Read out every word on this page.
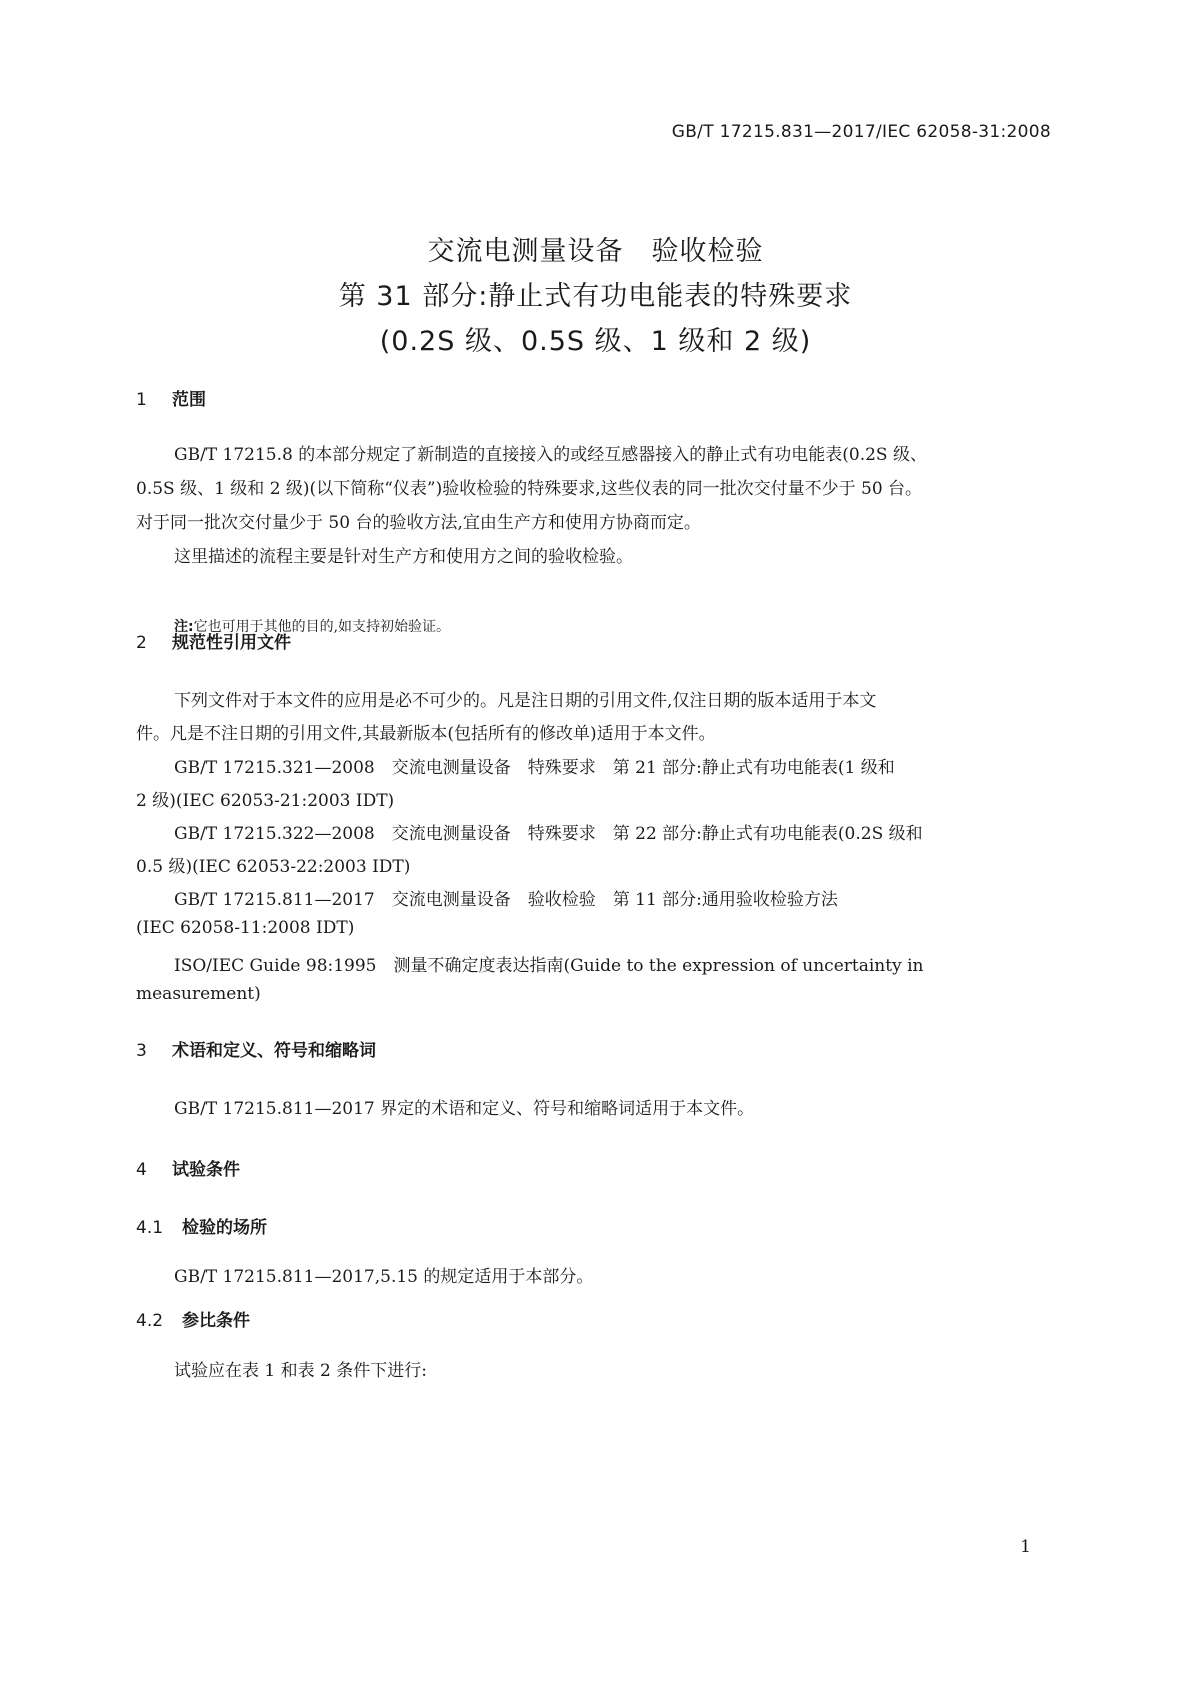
GB/T 17215.831—2017/IEC 62058-31:2008
交流电测量设备　验收检验
第 31 部分:静止式有功电能表的特殊要求
(0.2S 级、0.5S 级、1 级和 2 级)
1 范围
GB/T 17215.8 的本部分规定了新制造的直接接入的或经互感器接入的静止式有功电能表(0.2S 级、
0.5S 级、1 级和 2 级)(以下简称“仪表”)验收检验的特殊要求,这些仪表的同一批次交付量不少于 50 台。
对于同一批次交付量少于 50 台的验收方法,宜由生产方和使用方协商而定。
这里描述的流程主要是针对生产方和使用方之间的验收检验。
注:它也可用于其他的目的,如支持初始验证。
2 规范性引用文件
下列文件对于本文件的应用是必不可少的。凡是注日期的引用文件,仅注日期的版本适用于本文
件。凡是不注日期的引用文件,其最新版本(包括所有的修改单)适用于本文件。
GB/T 17215.321—2008　交流电测量设备　特殊要求　第 21 部分:静止式有功电能表(1 级和
2 级)(IEC 62053-21:2003 IDT)
GB/T 17215.322—2008　交流电测量设备　特殊要求　第 22 部分:静止式有功电能表(0.2S 级和
0.5 级)(IEC 62053-22:2003 IDT)
GB/T 17215.811—2017　交流电测量设备　验收检验　第 11 部分:通用验收检验方法
(IEC 62058-11:2008 IDT)
ISO/IEC Guide 98:1995　测量不确定度表达指南(Guide to the expression of uncertainty in
measurement)
3 术语和定义、符号和缩略词
GB/T 17215.811—2017 界定的术语和定义、符号和缩略词适用于本文件。
4 试验条件
4.1 检验的场所
GB/T 17215.811—2017,5.15 的规定适用于本部分。
4.2 参比条件
试验应在表 1 和表 2 条件下进行:
1
